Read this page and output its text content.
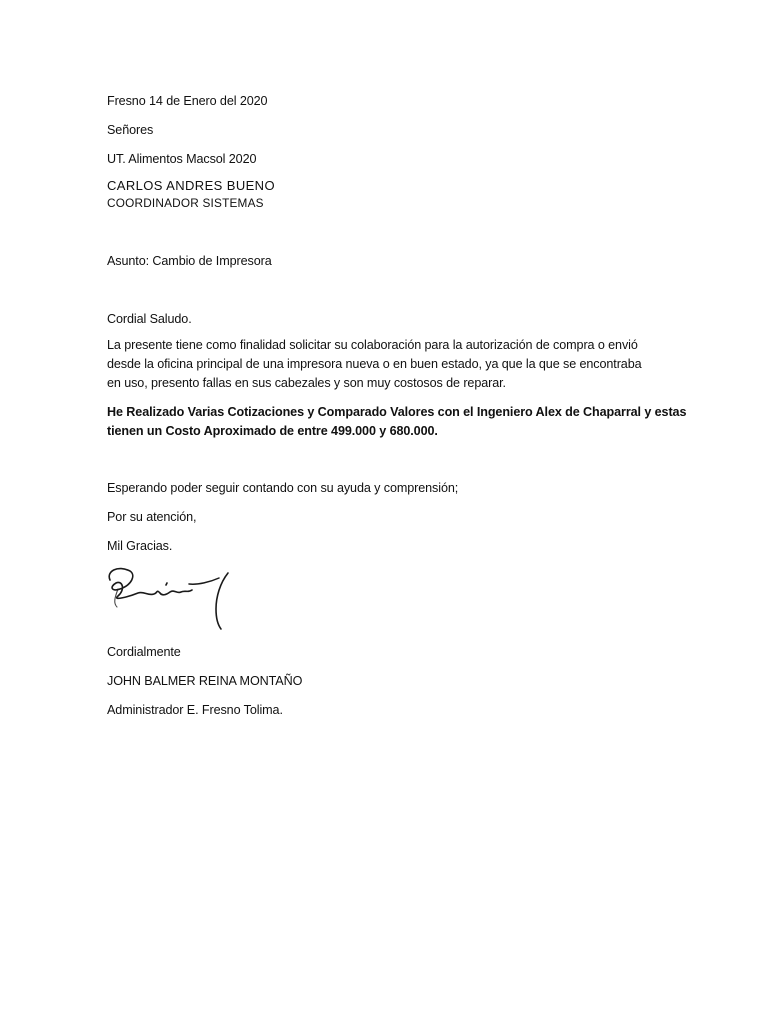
Fresno 14 de Enero del 2020
Señores
UT. Alimentos Macsol 2020
CARLOS ANDRES BUENO
COORDINADOR SISTEMAS
Asunto: Cambio de Impresora
Cordial Saludo.
La presente tiene como finalidad solicitar su colaboración para la autorización de compra o envió
desde la oficina principal de una impresora nueva o en buen estado, ya que la que se encontraba
en uso, presento fallas en sus cabezales y son muy costosos de reparar.
He Realizado Varias Cotizaciones y Comparado Valores con el Ingeniero Alex de Chaparral y estas
tienen un Costo Aproximado de entre 499.000 y 680.000.
Esperando poder seguir contando con su ayuda y comprensión;
Por su atención,
Mil Gracias.
Cordialmente
JOHN BALMER REINA MONTAÑO
Administrador E. Fresno Tolima.
